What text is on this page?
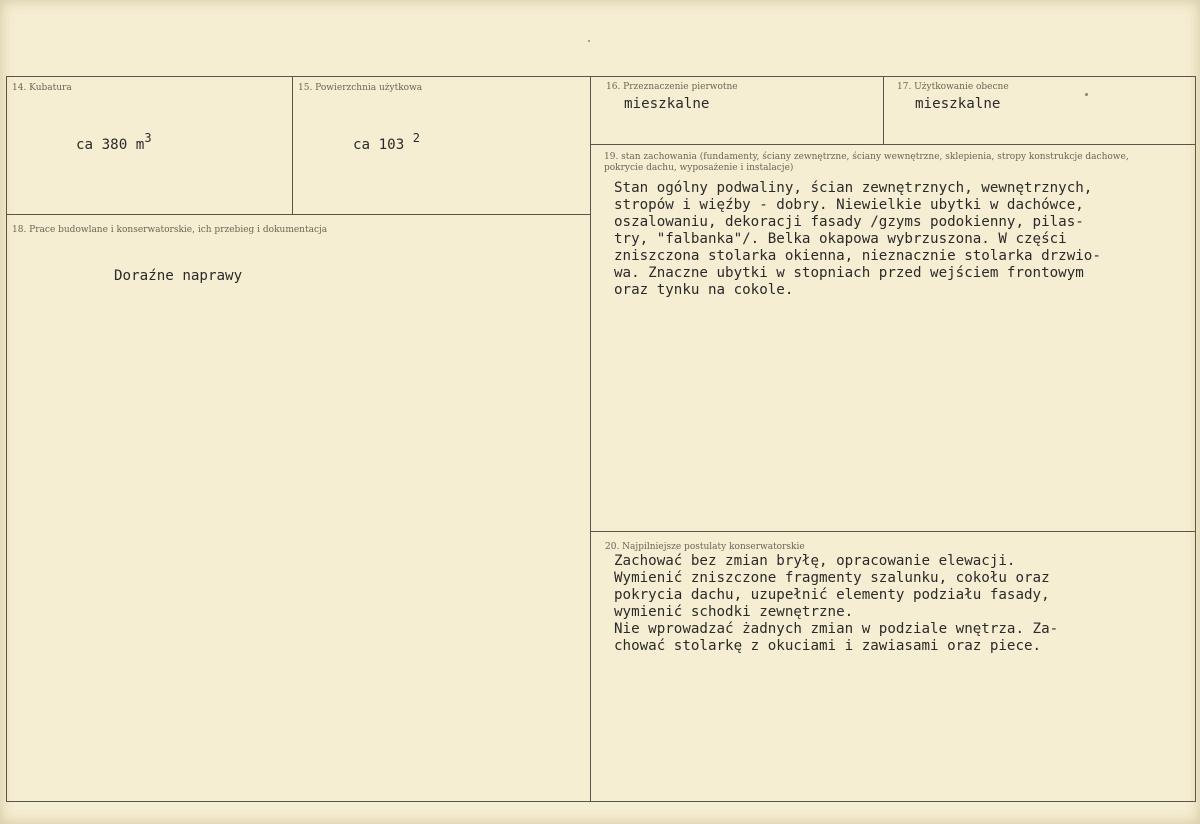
14. Kubatura
ca 380 $m^3$
15. Powierzchnia użytkowa
ca 103 $^2$
16. Przeznaczenie pierwotne
mieszkalne
17. Użytkowanie obecne
mieszkalne
18. Prace budowlane i konserwatorskie, ich przebieg i dokumentacja
Doraźne naprawy
19. stan zachowania (fundamenty, ściany zewnętrzne, ściany wewnętrzne, sklepienia, stropy konstrukcje dachowe, pokrycie dachu, wyposażenie i instalacje)
Stan ogólny podwaliny, ścian zewnętrznych, wewnętrznych,
stropów i więźby - dobry. Niewielkie ubytki w dachówce,
oszalowaniu, dekoracji fasady /gzyms podokienny, pilas-
try, "falbanka"/. Belka okapowa wybrzuszona. W części
zniszczona stolarka okienna, nieznacznie stolarka drzwio-
wa. Znaczne ubytki w stopniach przed wejściem frontowym
oraz tynku na cokole.
20. Najpilniejsze postulaty konserwatorskie
Zachować bez zmian bryłę, opracowanie elewacji.
Wymienić zniszczone fragmenty szalunku, cokołu oraz
pokrycia dachu, uzupełnić elementy podziału fasady,
wymienić schodki zewnętrzne.
Nie wprowadzać żadnych zmian w podziale wnętrza. Za-
chować stolarkę z okuciami i zawiasami oraz piece.
